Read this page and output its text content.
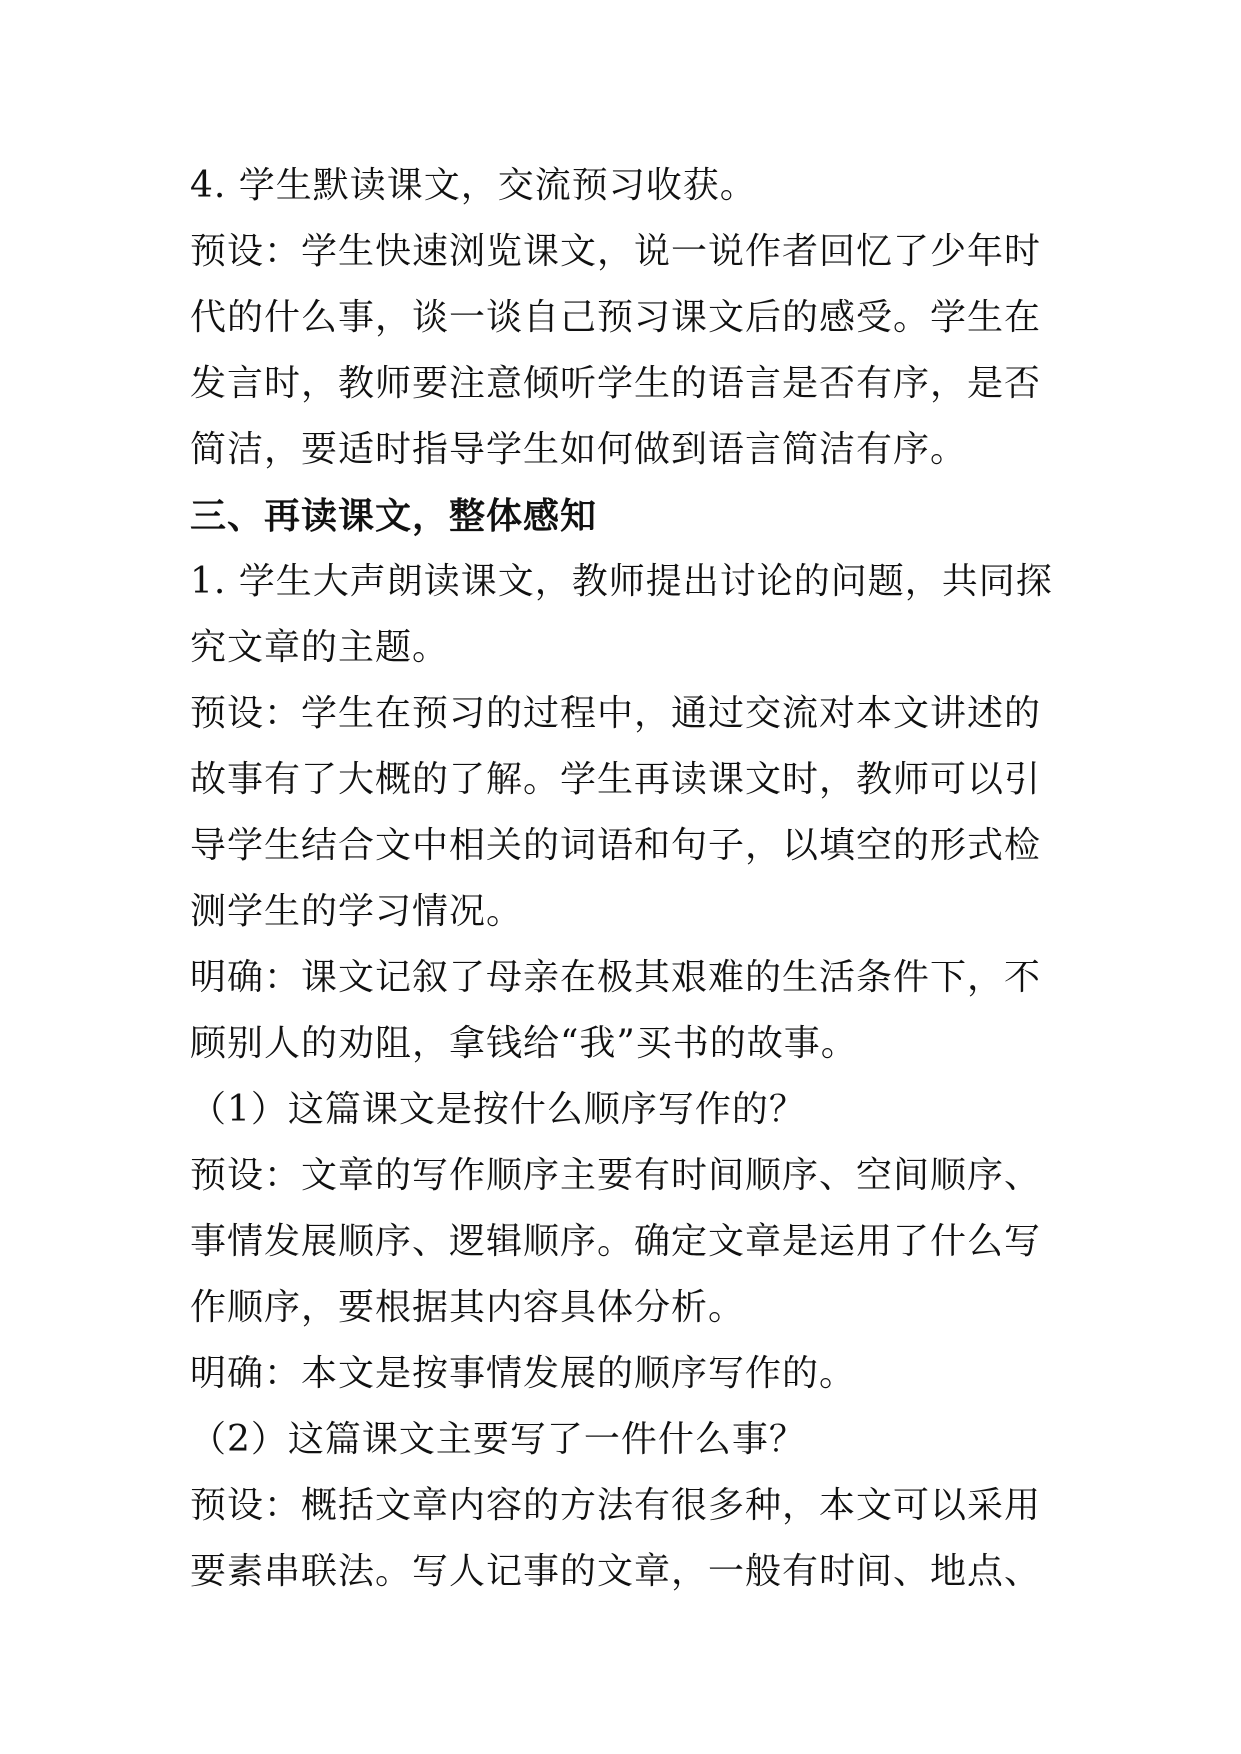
4. 学生默读课文，交流预习收获。
预设：学生快速浏览课文，说一说作者回忆了少年时
代的什么事，谈一谈自己预习课文后的感受。学生在
发言时，教师要注意倾听学生的语言是否有序，是否
简洁，要适时指导学生如何做到语言简洁有序。
三、再读课文，整体感知
1. 学生大声朗读课文，教师提出讨论的问题，共同探
究文章的主题。
预设：学生在预习的过程中，通过交流对本文讲述的
故事有了大概的了解。学生再读课文时，教师可以引
导学生结合文中相关的词语和句子，以填空的形式检
测学生的学习情况。
明确：课文记叙了母亲在极其艰难的生活条件下，不
顾别人的劝阻，拿钱给“我”买书的故事。
（1）这篇课文是按什么顺序写作的？
预设：文章的写作顺序主要有时间顺序、空间顺序、
事情发展顺序、逻辑顺序。确定文章是运用了什么写
作顺序，要根据其内容具体分析。
明确：本文是按事情发展的顺序写作的。
（2）这篇课文主要写了一件什么事？
预设：概括文章内容的方法有很多种，本文可以采用
要素串联法。写人记事的文章，一般有时间、地点、
